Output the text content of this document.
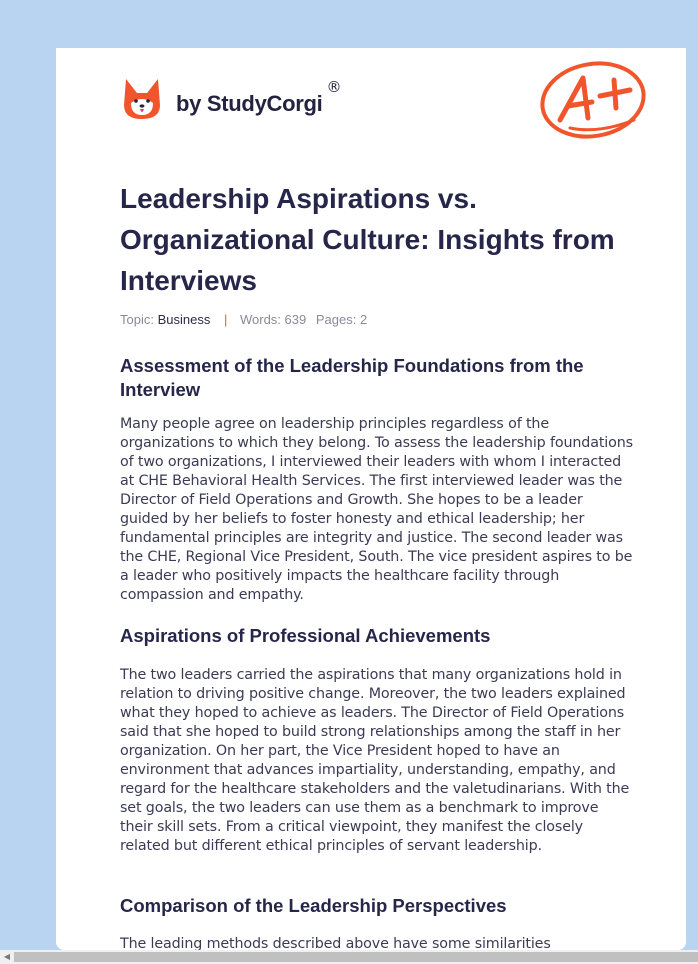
by StudyCorgi
®
Leadership Aspirations vs. Organizational Culture: Insights from Interviews
Topic: Business | Words: 639 Pages: 2
Assessment of the Leadership Foundations from the Interview

Many people agree on leadership principles regardless of the organizations to which they belong. To assess the leadership foundations of two organizations, I interviewed their leaders with whom I interacted at CHE Behavioral Health Services. The first interviewed leader was the Director of Field Operations and Growth. She hopes to be a leader guided by her beliefs to foster honesty and ethical leadership; her fundamental principles are integrity and justice. The second leader was the CHE, Regional Vice President, South. The vice president aspires to be a leader who positively impacts the healthcare facility through compassion and empathy.

Aspirations of Professional Achievements

The two leaders carried the aspirations that many organizations hold in relation to driving positive change. Moreover, the two leaders explained what they hoped to achieve as leaders. The Director of Field Operations said that she hoped to build strong relationships among the staff in her organization. On her part, the Vice President hoped to have an environment that advances impartiality, understanding, empathy, and regard for the healthcare stakeholders and the valetudinarians. With the set goals, the two leaders can use them as a benchmark to improve their skill sets. From a critical viewpoint, they manifest the closely related but different ethical principles of servant leadership.

Comparison of the Leadership Perspectives

The leading methods described above have some similarities

◀
